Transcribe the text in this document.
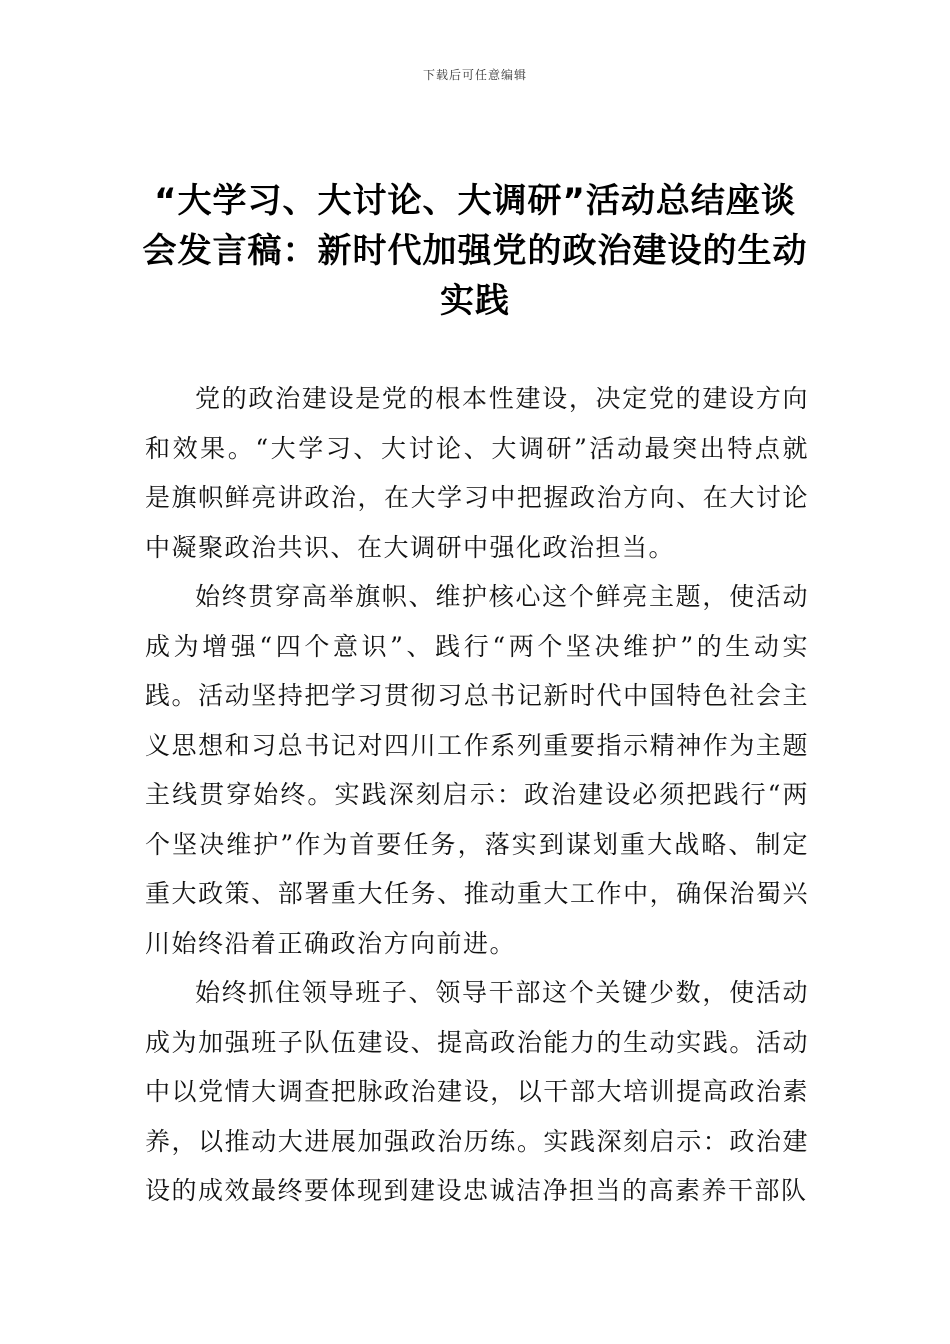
下载后可任意编辑
“大学习、大讨论、大调研”活动总结座谈会发言稿：新时代加强党的政治建设的生动实践

党的政治建设是党的根本性建设，决定党的建设方向和效果。“大学习、大讨论、大调研”活动最突出特点就是旗帜鲜亮讲政治，在大学习中把握政治方向、在大讨论中凝聚政治共识、在大调研中强化政治担当。

始终贯穿高举旗帜、维护核心这个鲜亮主题，使活动成为增强“四个意识”、践行“两个坚决维护”的生动实践。活动坚持把学习贯彻习总书记新时代中国特色社会主义思想和习总书记对四川工作系列重要指示精神作为主题主线贯穿始终。实践深刻启示：政治建设必须把践行“两个坚决维护”作为首要任务，落实到谋划重大战略、制定重大政策、部署重大任务、推动重大工作中，确保治蜀兴川始终沿着正确政治方向前进。

始终抓住领导班子、领导干部这个关键少数，使活动成为加强班子队伍建设、提高政治能力的生动实践。活动中以党情大调查把脉政治建设，以干部大培训提高政治素养，以推动大进展加强政治历练。实践深刻启示：政治建设的成效最终要体现到建设忠诚洁净担当的高素养干部队
